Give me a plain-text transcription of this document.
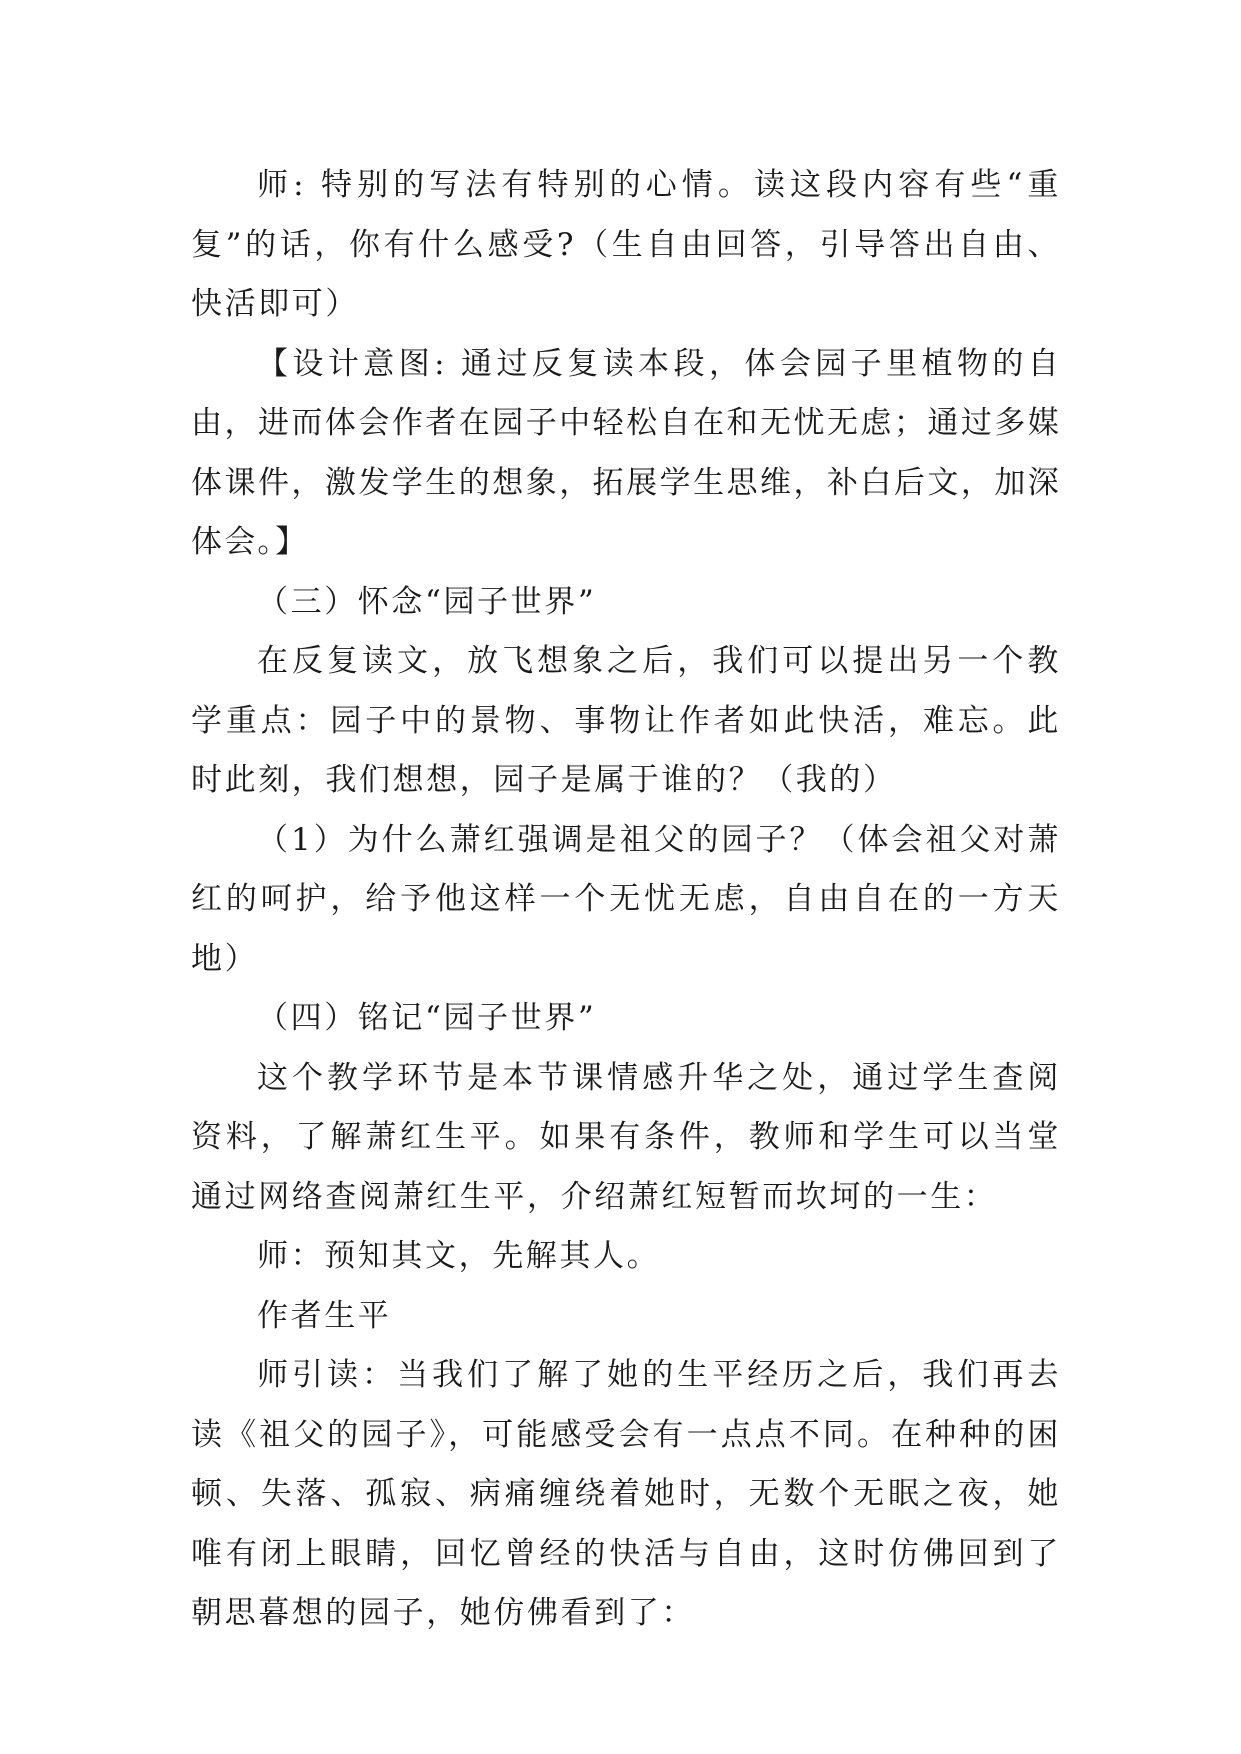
师: 特别的写法有特别的心情。读这段内容有些“重复”的话，你有什么感受?（生自由回答，引导答出自由、快活即可）

【设计意图: 通过反复读本段，体会园子里植物的自由，进而体会作者在园子中轻松自在和无忧无虑；通过多媒体课件，激发学生的想象，拓展学生思维，补白后文，加深体会。】

（三）怀念“园子世界”

在反复读文，放飞想象之后，我们可以提出另一个教学重点：园子中的景物、事物让作者如此快活，难忘。此时此刻，我们想想，园子是属于谁的？（我的）

（1）为什么萧红强调是祖父的园子？（体会祖父对萧红的呵护，给予他这样一个无忧无虑，自由自在的一方天地）

（四）铭记“园子世界”

这个教学环节是本节课情感升华之处，通过学生查阅资料，了解萧红生平。如果有条件，教师和学生可以当堂通过网络查阅萧红生平，介绍萧红短暂而坎坷的一生：

师：预知其文，先解其人。

作者生平

师引读：当我们了解了她的生平经历之后，我们再去读《祖父的园子》，可能感受会有一点点不同。在种种的困顿、失落、孤寂、病痛缠绕着她时，无数个无眠之夜，她唯有闭上眼睛，回忆曾经的快活与自由，这时仿佛回到了朝思暮想的园子，她仿佛看到了：
